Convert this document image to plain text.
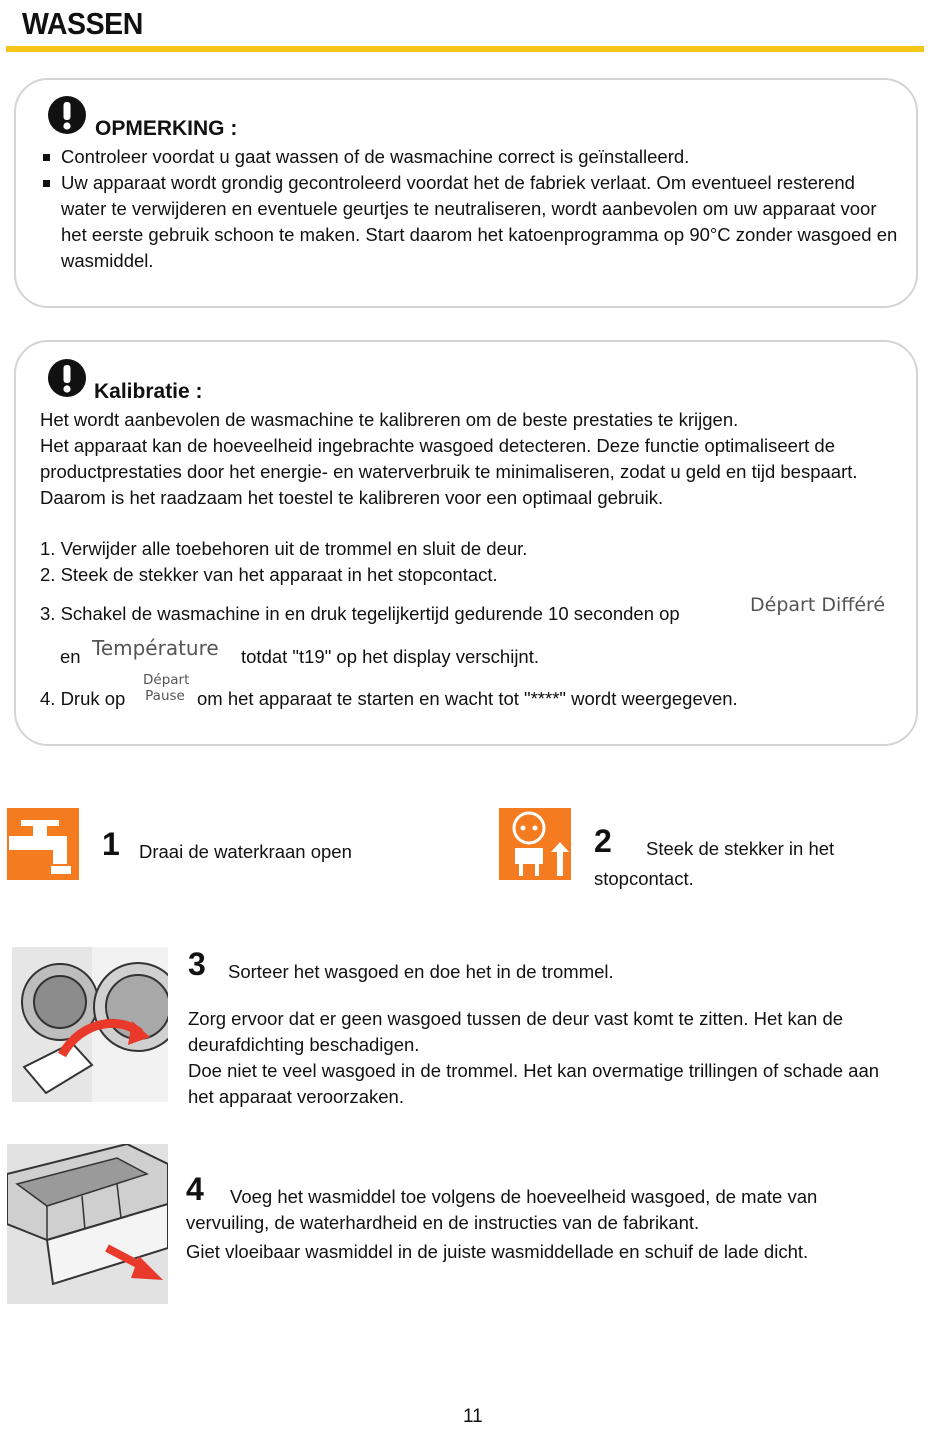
WASSEN
OPMERKING :
Controleer voordat u gaat wassen of de wasmachine correct is geïnstalleerd.
Uw apparaat wordt grondig gecontroleerd voordat het de fabriek verlaat. Om eventueel resterend water te verwijderen en eventuele geurtjes te neutraliseren, wordt aanbevolen om uw apparaat voor het eerste gebruik schoon te maken. Start daarom het katoenprogramma op 90°C zonder wasgoed en wasmiddel.
Kalibratie :
Het wordt aanbevolen de wasmachine te kalibreren om de beste prestaties te krijgen.
Het apparaat kan de hoeveelheid ingebrachte wasgoed detecteren. Deze functie optimaliseert de productprestaties door het energie- en waterverbruik te minimaliseren, zodat u geld en tijd bespaart. Daarom is het raadzaam het toestel te kalibreren voor een optimaal gebruik.
1. Verwijder alle toebehoren uit de trommel en sluit de deur.
2. Steek de stekker van het apparaat in het stopcontact.
3. Schakel de wasmachine in en druk tegelijkertijd gedurende 10 seconden op	Départ Différé
en Température totdat "t19" op het display verschijnt.
4. Druk op
Départ
Pause om het apparaat te starten en wacht tot "****" wordt weergegeven.
1 Draai de waterkraan open	2 Steek de stekker in het
stopcontact.
3 Sorteer het wasgoed en doe het in de trommel.
Zorg ervoor dat er geen wasgoed tussen de deur vast komt te zitten. Het kan de deurafdichting beschadigen.
Doe niet te veel wasgoed in de trommel. Het kan overmatige trillingen of schade aan het apparaat veroorzaken.
4	Voeg het wasmiddel toe volgens de hoeveelheid wasgoed, de mate van vervuiling, de waterhardheid en de instructies van de fabrikant.
Giet vloeibaar wasmiddel in de juiste wasmiddellade en schuif de lade dicht.
11
